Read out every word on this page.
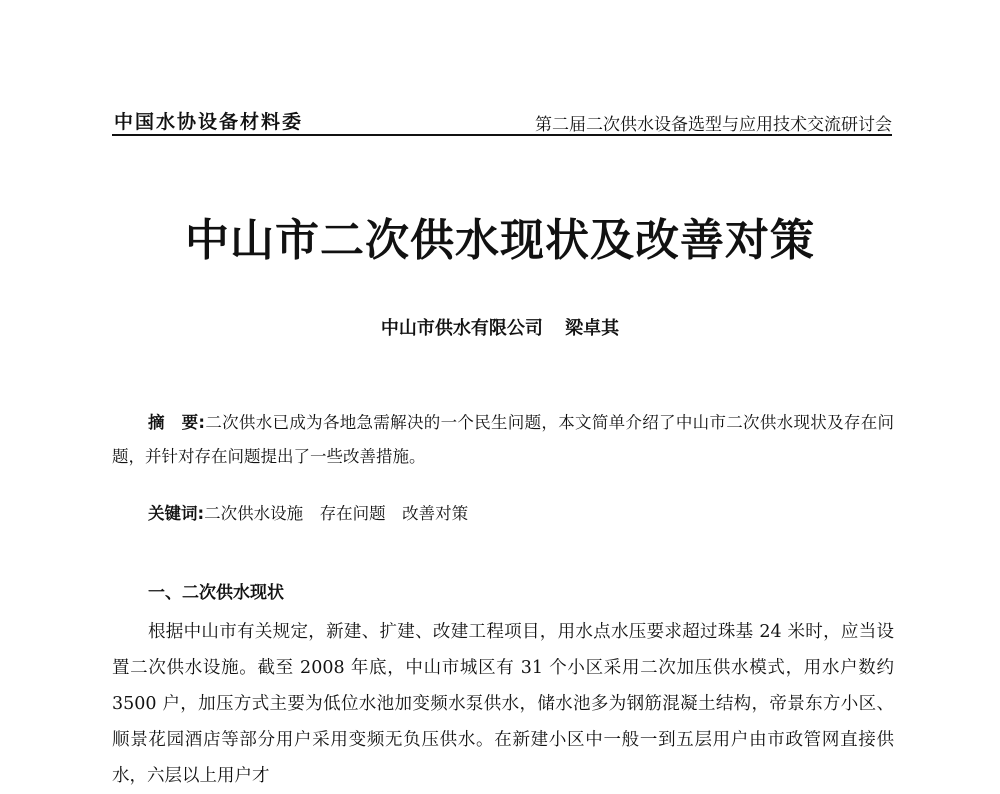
中国水协设备材料委	第二届二次供水设备选型与应用技术交流研讨会
中山市二次供水现状及改善对策
中山市供水有限公司 梁卓其
摘　要:二次供水已成为各地急需解决的一个民生问题，本文简单介绍了中山市二次供水现状及存在问题，并针对存在问题提出了一些改善措施。
关键词:二次供水设施　存在问题　改善对策
一、二次供水现状
根据中山市有关规定，新建、扩建、改建工程项目，用水点水压要求超过珠基 24 米时，应当设置二次供水设施。截至 2008 年底，中山市城区有 31 个小区采用二次加压供水模式，用水户数约 3500 户，加压方式主要为低位水池加变频水泵供水，储水池多为钢筋混凝土结构，帝景东方小区、顺景花园酒店等部分用户采用变频无负压供水。在新建小区中一般一到五层用户由市政管网直接供水，六层以上用户才
